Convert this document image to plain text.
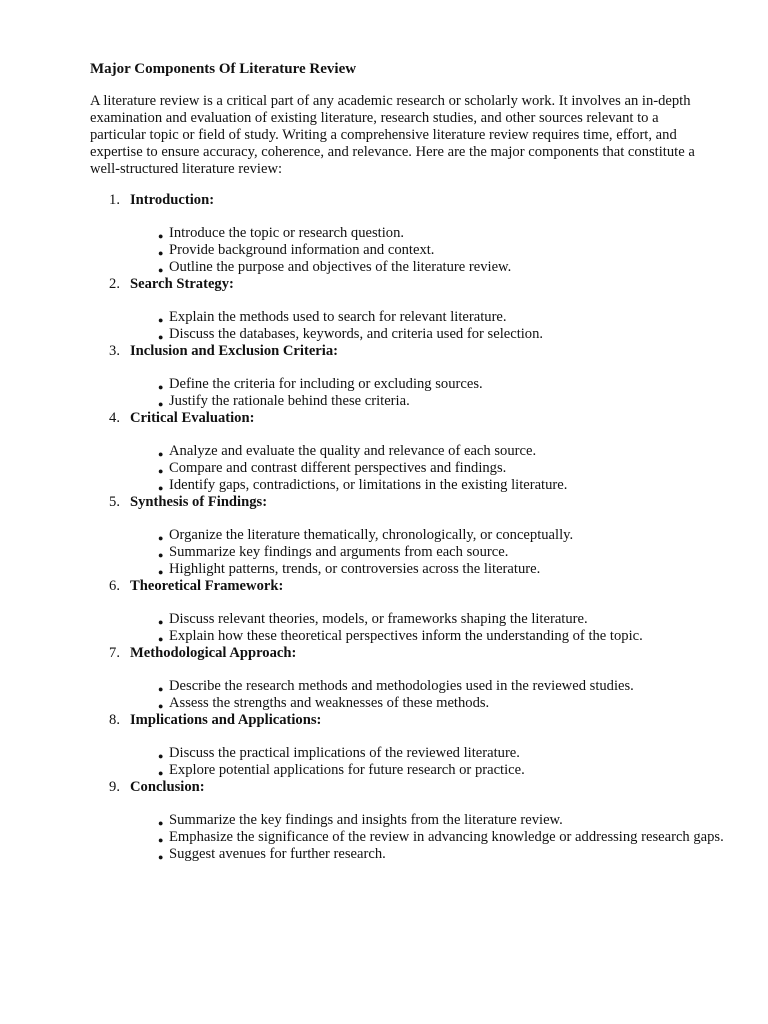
Major Components Of Literature Review

A literature review is a critical part of any academic research or scholarly work. It involves an in-depth examination and evaluation of existing literature, research studies, and other sources relevant to a particular topic or field of study. Writing a comprehensive literature review requires time, effort, and expertise to ensure accuracy, coherence, and relevance. Here are the major components that constitute a well-structured literature review:

1. Introduction:
● Introduce the topic or research question.
● Provide background information and context.
● Outline the purpose and objectives of the literature review.
2. Search Strategy:
● Explain the methods used to search for relevant literature.
● Discuss the databases, keywords, and criteria used for selection.
3. Inclusion and Exclusion Criteria:
● Define the criteria for including or excluding sources.
● Justify the rationale behind these criteria.
4. Critical Evaluation:
● Analyze and evaluate the quality and relevance of each source.
● Compare and contrast different perspectives and findings.
● Identify gaps, contradictions, or limitations in the existing literature.
5. Synthesis of Findings:
● Organize the literature thematically, chronologically, or conceptually.
● Summarize key findings and arguments from each source.
● Highlight patterns, trends, or controversies across the literature.
6. Theoretical Framework:
● Discuss relevant theories, models, or frameworks shaping the literature.
● Explain how these theoretical perspectives inform the understanding of the topic.
7. Methodological Approach:
● Describe the research methods and methodologies used in the reviewed studies.
● Assess the strengths and weaknesses of these methods.
8. Implications and Applications:
● Discuss the practical implications of the reviewed literature.
● Explore potential applications for future research or practice.
9. Conclusion:
● Summarize the key findings and insights from the literature review.
● Emphasize the significance of the review in advancing knowledge or addressing research gaps.
● Suggest avenues for further research.
